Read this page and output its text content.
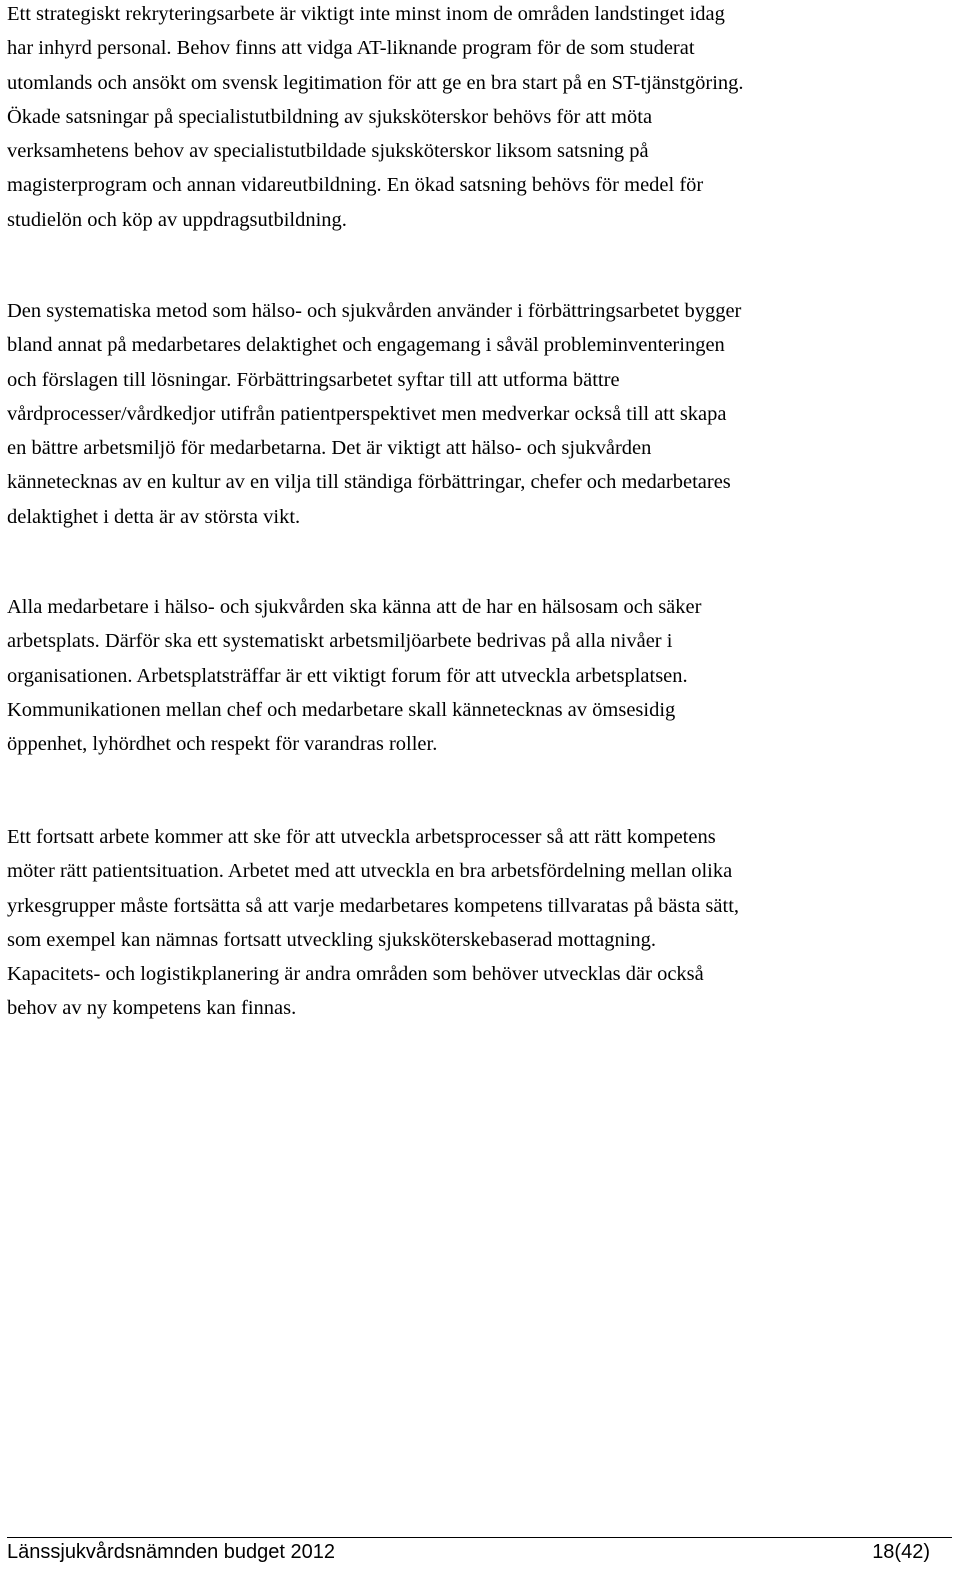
Ett strategiskt rekryteringsarbete är viktigt inte minst inom de områden landstinget idag
har inhyrd personal. Behov finns att vidga AT-liknande program för de som studerat
utomlands och ansökt om svensk legitimation för att ge en bra start på en ST-tjänstgöring.
Ökade satsningar på specialistutbildning av sjuksköterskor behövs för att möta
verksamhetens behov av specialistutbildade sjuksköterskor liksom satsning på
magisterprogram och annan vidareutbildning. En ökad satsning behövs för medel för
studielön och köp av uppdragsutbildning.
Den systematiska metod som hälso- och sjukvården använder i förbättringsarbetet bygger
bland annat på medarbetares delaktighet och engagemang i såväl probleminventeringen
och förslagen till lösningar. Förbättringsarbetet syftar till att utforma bättre
vårdprocesser/vårdkedjor utifrån patientperspektivet men medverkar också till att skapa
en bättre arbetsmiljö för medarbetarna. Det är viktigt att hälso- och sjukvården
kännetecknas av en kultur av en vilja till ständiga förbättringar, chefer och medarbetares
delaktighet i detta är av största vikt.
Alla medarbetare i hälso- och sjukvården ska känna att de har en hälsosam och säker
arbetsplats. Därför ska ett systematiskt arbetsmiljöarbete bedrivas på alla nivåer i
organisationen. Arbetsplatsträffar är ett viktigt forum för att utveckla arbetsplatsen.
Kommunikationen mellan chef och medarbetare skall kännetecknas av ömsesidig
öppenhet, lyhördhet och respekt för varandras roller.
Ett fortsatt arbete kommer att ske för att utveckla arbetsprocesser så att rätt kompetens
möter rätt patientsituation. Arbetet med att utveckla en bra arbetsfördelning mellan olika
yrkesgrupper måste fortsätta så att varje medarbetares kompetens tillvaratas på bästa sätt,
som exempel kan nämnas fortsatt utveckling sjuksköterskebaserad mottagning.
Kapacitets- och logistikplanering är andra områden som behöver utvecklas där också
behov av ny kompetens kan finnas.
Länssjukvårdsnämnden budget 2012	18(42)
